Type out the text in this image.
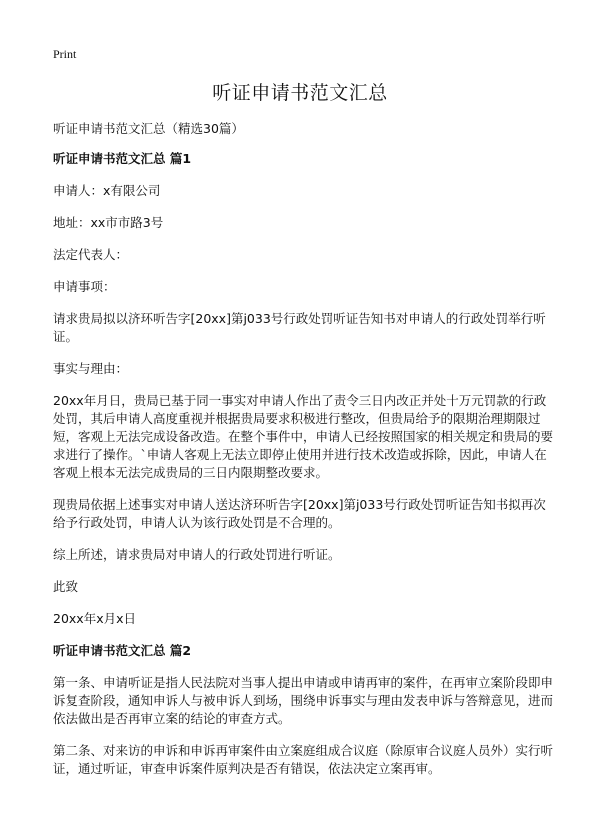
Print
听证申请书范文汇总

听证申请书范文汇总（精选30篇）

听证申请书范文汇总 篇1

申请人：x有限公司

地址：xx市市路3号

法定代表人：

申请事项：

请求贵局拟以济环听告字[20xx]第j033号行政处罚听证告知书对申请人的行政处罚举行听证。

事实与理由：

20xx年月日，贵局已基于同一事实对申请人作出了责令三日内改正并处十万元罚款的行政处罚，其后申请人高度重视并根据贵局要求积极进行整改，但贵局给予的限期治理期限过短，客观上无法完成设备改造。在整个事件中，申请人已经按照国家的相关规定和贵局的要求进行了操作。`申请人客观上无法立即停止使用并进行技术改造或拆除，因此，申请人在客观上根本无法完成贵局的三日内限期整改要求。

现贵局依据上述事实对申请人送达济环听告字[20xx]第j033号行政处罚听证告知书拟再次给予行政处罚，申请人认为该行政处罚是不合理的。

综上所述，请求贵局对申请人的行政处罚进行听证。

此致

20xx年x月x日

听证申请书范文汇总 篇2

第一条、申请听证是指人民法院对当事人提出申请或申请再审的案件，在再审立案阶段即申诉复查阶段，通知申诉人与被申诉人到场，围绕申诉事实与理由发表申诉与答辩意见，进而依法做出是否再审立案的结论的审查方式。

第二条、对来访的申诉和申诉再审案件由立案庭组成合议庭（除原审合议庭人员外）实行听证，通过听证，审查申诉案件原判决是否有错误，依法决定立案再审。
